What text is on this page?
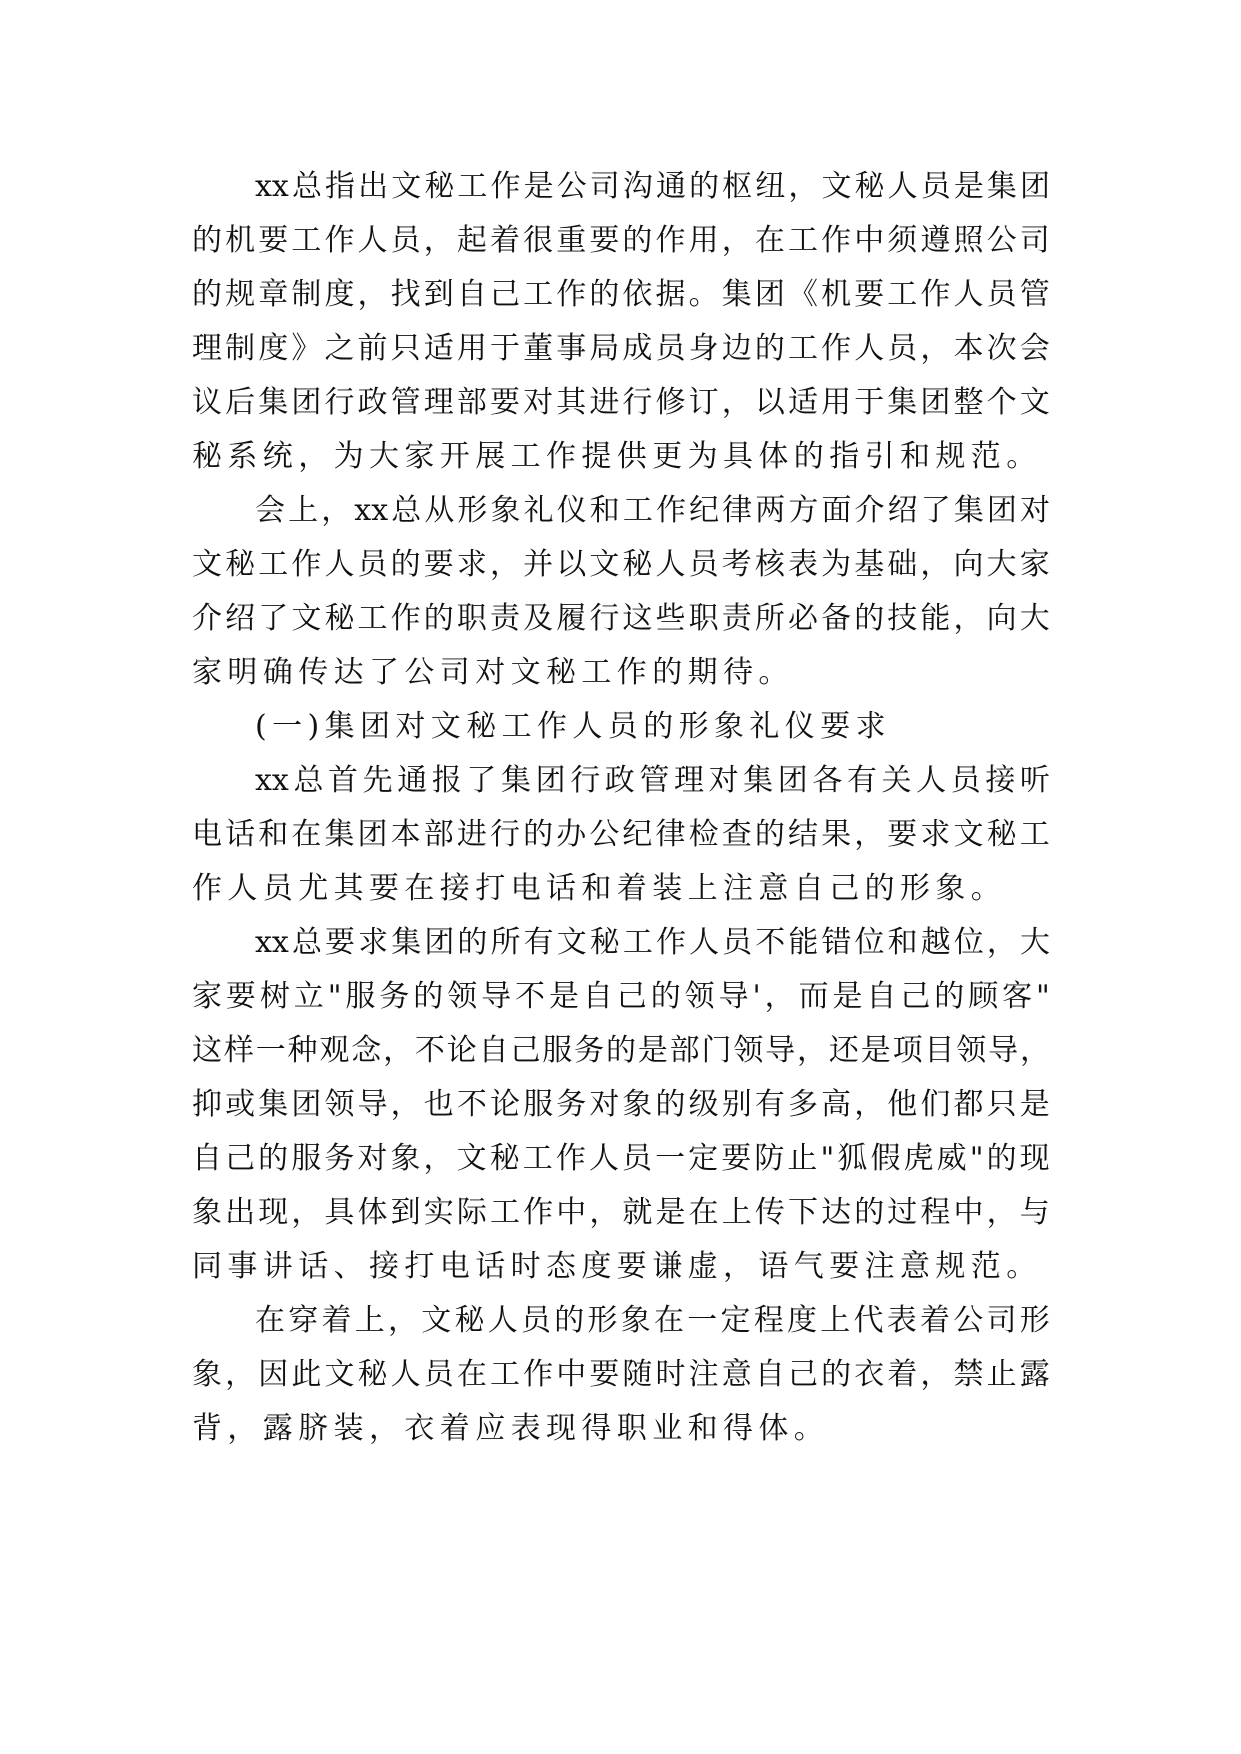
xx 总 指 出 文 秘 工 作 是 公 司 沟 通 的 枢 纽 ， 文 秘 人 员 是 集 团
的 机 要 工 作 人 员 ， 起 着 很 重 要 的 作 用 ， 在 工 作 中 须 遵 照 公 司
的 规 章 制 度 ， 找 到 自 己 工 作 的 依 据 。 集 团 《 机 要 工 作 人 员 管
理 制 度 》 之 前 只 适 用 于 董 事 局 成 员 身 边 的 工 作 人 员 ， 本 次 会
议 后 集 团 行 政 管 理 部 要 对 其 进 行 修 订 ， 以 适 用 于 集 团 整 个 文
秘系统，为大家开展工作提供更为具体的指引和规范。
会 上 ， xx 总 从 形 象 礼 仪 和 工 作 纪 律 两 方 面 介 绍 了 集 团 对
文 秘 工 作 人 员 的 要 求 ， 并 以 文 秘 人 员 考 核 表 为 基 础 ， 向 大 家
介 绍 了 文 秘 工 作 的 职 责 及 履 行 这 些 职 责 所 必 备 的 技 能 ， 向 大
家明确传达了公司对文秘工作的期待。
(一)集团对文秘工作人员的形象礼仪要求
xx 总 首 先 通 报 了 集 团 行 政 管 理 对 集 团 各 有 关 人 员 接 听
电 话 和 在 集 团 本 部 进 行 的 办 公 纪 律 检 查 的 结 果 ， 要 求 文 秘 工
作人员尤其要在接打电话和着装上注意自己的形象。
xx 总 要 求 集 团 的 所 有 文 秘 工 作 人 员 不 能 错 位 和 越 位 ， 大
家 要 树 立 " 服 务 的 领 导 不 是 自 己 的 领 导 ' ， 而 是 自 己 的 顾 客 "
这 样 一 种 观 念 ， 不 论 自 己 服 务 的 是 部 门 领 导 ， 还 是 项 目 领 导 ，
抑 或 集 团 领 导 ， 也 不 论 服 务 对 象 的 级 别 有 多 高 ， 他 们 都 只 是
自 己 的 服 务 对 象 ， 文 秘 工 作 人 员 一 定 要 防 止 " 狐 假 虎 威 " 的 现
象 出 现 ， 具 体 到 实 际 工 作 中 ， 就 是 在 上 传 下 达 的 过 程 中 ， 与
同事讲话、接打电话时态度要谦虚，语气要注意规范。
在 穿 着 上 ， 文 秘 人 员 的 形 象 在 一 定 程 度 上 代 表 着 公 司 形
象 ， 因 此 文 秘 人 员 在 工 作 中 要 随 时 注 意 自 己 的 衣 着 ， 禁 止 露
背，露脐装，衣着应表现得职业和得体。
